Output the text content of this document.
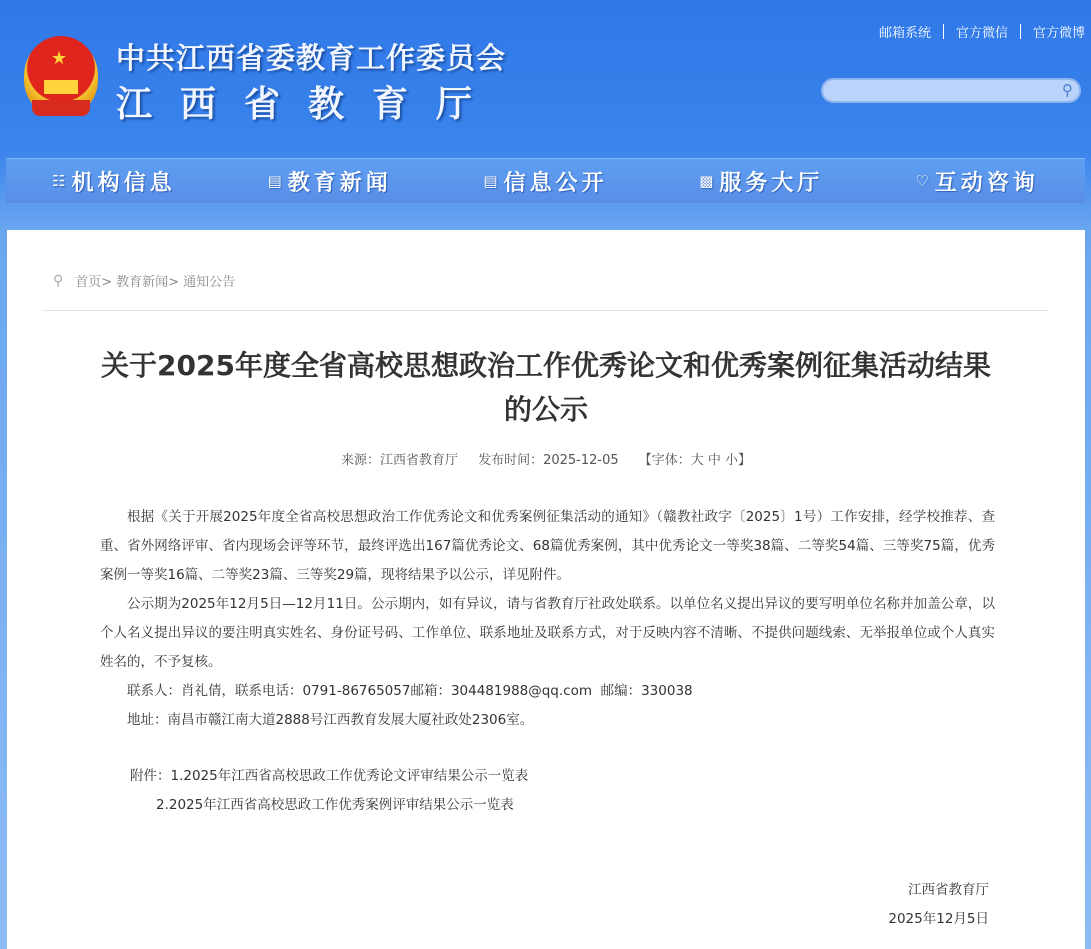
★ 中共江西省委教育工作委员会
江西省教育厅
邮箱系统 官方微信 官方微博
⚲
☷ 机构信息	▤ 教育新闻	▤ 信息公开	▩ 服务大厅	♡ 互动咨询
⚲ 首页> 教育新闻> 通知公告
关于2025年度全省高校思想政治工作优秀论文和优秀案例征集活动结果的公示
来源：江西省教育厅 发布时间：2025-12-05 【字体：大 中 小】

根据《关于开展2025年度全省高校思想政治工作优秀论文和优秀案例征集活动的通知》（赣教社政字〔2025〕1号）工作安排，经学校推荐、查重、省外网络评审、省内现场会评等环节，最终评选出167篇优秀论文、68篇优秀案例，其中优秀论文一等奖38篇、二等奖54篇、三等奖75篇，优秀案例一等奖16篇、二等奖23篇、三等奖29篇，现将结果予以公示，详见附件。

公示期为2025年12月5日—12月11日。公示期内，如有异议，请与省教育厅社政处联系。以单位名义提出异议的要写明单位名称并加盖公章，以个人名义提出异议的要注明真实姓名、身份证号码、工作单位、联系地址及联系方式，对于反映内容不清晰、不提供问题线索、无举报单位或个人真实姓名的，不予复核。

联系人：肖礼倩，联系电话：0791-86765057邮箱：304481988@qq.com  邮编：330038

地址：南昌市赣江南大道2888号江西教育发展大厦社政处2306室。

附件：1.2025年江西省高校思政工作优秀论文评审结果公示一览表
2.2025年江西省高校思政工作优秀案例评审结果公示一览表
江西省教育厅
2025年12月5日
